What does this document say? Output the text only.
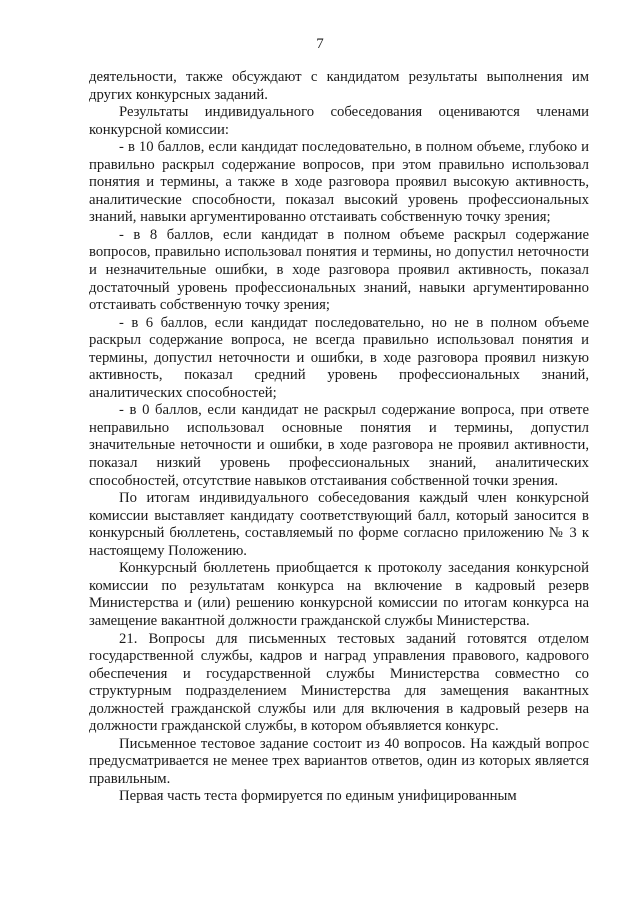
7

деятельности, также обсуждают с кандидатом результаты выполнения им других конкурсных заданий.

Результаты индивидуального собеседования оцениваются членами конкурсной комиссии:

- в 10 баллов, если кандидат последовательно, в полном объеме, глубоко и правильно раскрыл содержание вопросов, при этом правильно использовал понятия и термины, а также в ходе разговора проявил высокую активность, аналитические способности, показал высокий уровень профессиональных знаний, навыки аргументированно отстаивать собственную точку зрения;

- в 8 баллов, если кандидат в полном объеме раскрыл содержание вопросов, правильно использовал понятия и термины, но допустил неточности и незначительные ошибки, в ходе разговора проявил активность, показал достаточный уровень профессиональных знаний, навыки аргументированно отстаивать собственную точку зрения;

- в 6 баллов, если кандидат последовательно, но не в полном объеме раскрыл содержание вопроса, не всегда правильно использовал понятия и термины, допустил неточности и ошибки, в ходе разговора проявил низкую активность, показал средний уровень профессиональных знаний, аналитических способностей;

- в 0 баллов, если кандидат не раскрыл содержание вопроса, при ответе неправильно использовал основные понятия и термины, допустил значительные неточности и ошибки, в ходе разговора не проявил активности, показал низкий уровень профессиональных знаний, аналитических способностей, отсутствие навыков отстаивания собственной точки зрения.

По итогам индивидуального собеседования каждый член конкурсной комиссии выставляет кандидату соответствующий балл, который заносится в конкурсный бюллетень, составляемый по форме согласно приложению № 3 к настоящему Положению.

Конкурсный бюллетень приобщается к протоколу заседания конкурсной комиссии по результатам конкурса на включение в кадровый резерв Министерства и (или) решению конкурсной комиссии по итогам конкурса на замещение вакантной должности гражданской службы Министерства.

21. Вопросы для письменных тестовых заданий готовятся отделом государственной службы, кадров и наград управления правового, кадрового обеспечения и государственной службы Министерства совместно со структурным подразделением Министерства для замещения вакантных должностей гражданской службы или для включения в кадровый резерв на должности гражданской службы, в котором объявляется конкурс.

Письменное тестовое задание состоит из 40 вопросов. На каждый вопрос предусматривается не менее трех вариантов ответов, один из которых является правильным.

Первая часть теста формируется по единым унифицированным
